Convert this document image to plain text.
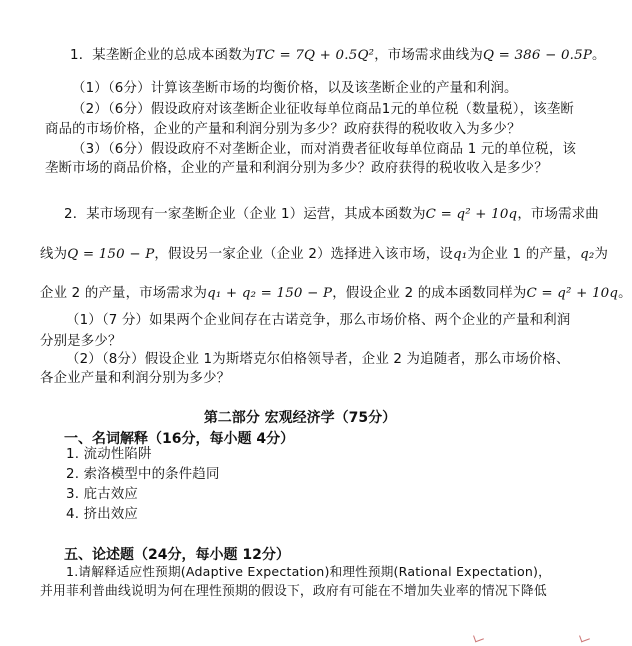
1．某垄断企业的总成本函数为TC = 7Q + 0.5Q²，市场需求曲线为Q = 386 − 0.5P。
（1）（6分）计算该垄断市场的均衡价格，以及该垄断企业的产量和利润。
（2）（6分）假设政府对该垄断企业征收每单位商品1元的单位税（数量税），该垄断
商品的市场价格，企业的产量和利润分别为多少？政府获得的税收收入为多少？
（3）（6分）假设政府不对垄断企业，而对消费者征收每单位商品 1 元的单位税，该
垄断市场的商品价格，企业的产量和利润分别为多少？政府获得的税收收入是多少？
2．某市场现有一家垄断企业（企业 1）运营，其成本函数为C = q² + 10q，市场需求曲
线为Q = 150 − P，假设另一家企业（企业 2）选择进入该市场，设q₁为企业 1 的产量，q₂为
企业 2 的产量，市场需求为q₁ + q₂ = 150 − P，假设企业 2 的成本函数同样为C = q² + 10q。
（1）（7 分）如果两个企业间存在古诺竞争，那么市场价格、两个企业的产量和利润
分别是多少？
（2）（8分）假设企业 1为斯塔克尔伯格领导者，企业 2 为追随者，那么市场价格、
各企业产量和利润分别为多少？
第二部分 宏观经济学（75分）
一、名词解释（16分，每小题 4分）
1. 流动性陷阱
2. 索洛模型中的条件趋同
3. 庇古效应
4. 挤出效应
五、论述题（24分，每小题 12分）
1.请解释适应性预期(Adaptive Expectation)和理性预期(Rational Expectation)，
并用菲利普曲线说明为何在理性预期的假设下，政府有可能在不增加失业率的情况下降低
